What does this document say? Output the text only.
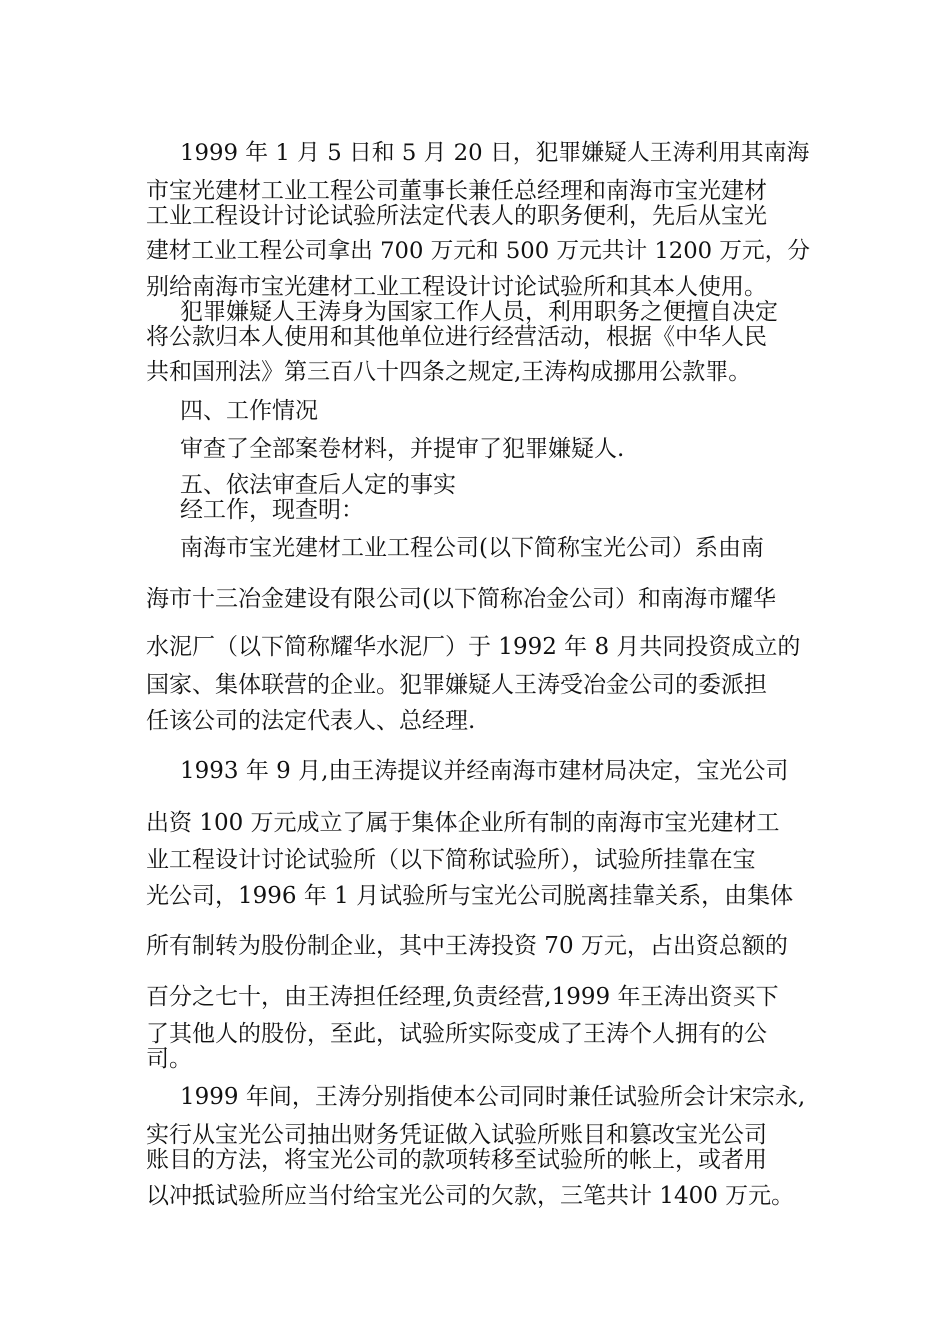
1999 年 1 月 5 日和 5 月 20 日，犯罪嫌疑人王涛利用其南海
市宝光建材工业工程公司董事长兼任总经理和南海市宝光建材
工业工程设计讨论试验所法定代表人的职务便利，先后从宝光
建材工业工程公司拿出 700 万元和 500 万元共计 1200 万元，分
别给南海市宝光建材工业工程设计讨论试验所和其本人使用。
犯罪嫌疑人王涛身为国家工作人员，利用职务之便擅自决定
将公款归本人使用和其他单位进行经营活动，根据《中华人民
共和国刑法》第三百八十四条之规定,王涛构成挪用公款罪。
四、工作情况
审查了全部案卷材料，并提审了犯罪嫌疑人.
五、依法审查后人定的事实
经工作，现查明：
南海市宝光建材工业工程公司(以下简称宝光公司）系由南
海市十三冶金建设有限公司(以下简称冶金公司）和南海市耀华
水泥厂（以下简称耀华水泥厂）于 1992 年 8 月共同投资成立的
国家、集体联营的企业。犯罪嫌疑人王涛受冶金公司的委派担
任该公司的法定代表人、总经理.
1993 年 9 月,由王涛提议并经南海市建材局决定，宝光公司
出资 100 万元成立了属于集体企业所有制的南海市宝光建材工
业工程设计讨论试验所（以下简称试验所），试验所挂靠在宝
光公司，1996 年 1 月试验所与宝光公司脱离挂靠关系，由集体
所有制转为股份制企业，其中王涛投资 70 万元，占出资总额的
百分之七十，由王涛担任经理,负责经营,1999 年王涛出资买下
了其他人的股份，至此，试验所实际变成了王涛个人拥有的公
司。
1999 年间，王涛分别指使本公司同时兼任试验所会计宋宗永,
实行从宝光公司抽出财务凭证做入试验所账目和篡改宝光公司
账目的方法，将宝光公司的款项转移至试验所的帐上，或者用
以冲抵试验所应当付给宝光公司的欠款，三笔共计 1400 万元。
